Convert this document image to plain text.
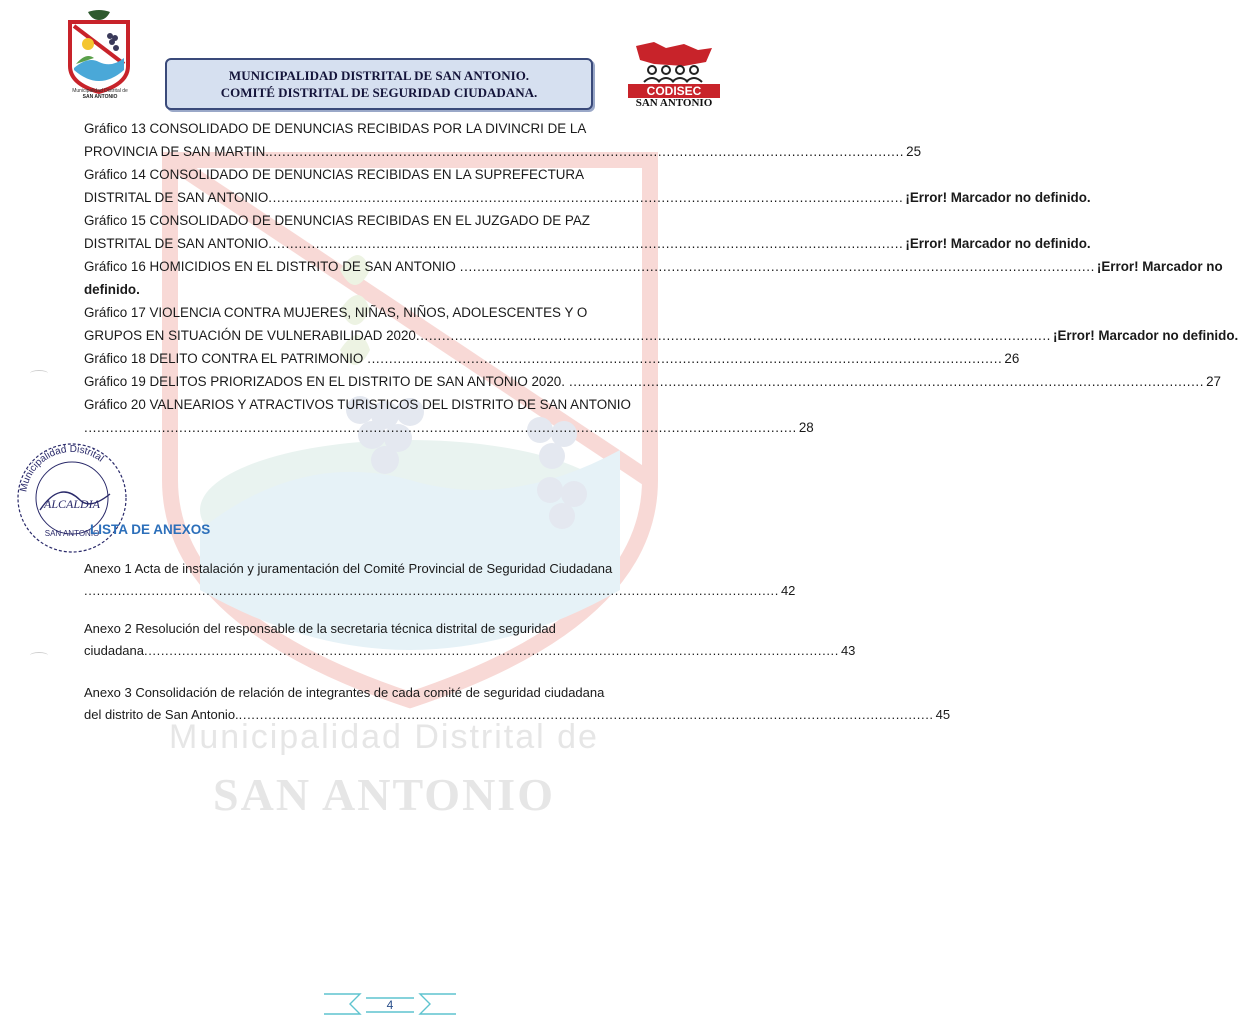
Municipalidad Distrital de
SAN ANTONIO
Municipalidad Distrital de
SAN ANTONIO
MUNICIPALIDAD DISTRITAL DE SAN ANTONIO.
COMITÉ DISTRITAL DE SEGURIDAD CIUDADANA.	CODISEC
SAN ANTONIO
Gráfico 13 CONSOLIDADO DE DENUNCIAS RECIBIDAS POR LA DIVINCRI DE LA
PROVINCIA DE SAN MARTIN. ................................................................................................................................................... 25
Gráfico 14 CONSOLIDADO DE DENUNCIAS RECIBIDAS EN LA SUPREFECTURA
DISTRITAL DE SAN ANTONIO ................................................................................................................................................... ¡Error! Marcador no definido.
Gráfico 15 CONSOLIDADO DE DENUNCIAS RECIBIDAS EN EL JUZGADO DE PAZ
DISTRITAL DE SAN ANTONIO ................................................................................................................................................... ¡Error! Marcador no definido.
Gráfico 16 HOMICIDIOS EN EL DISTRITO DE SAN ANTONIO ................................................................................................................................................... ¡Error! Marcador no
definido.
Gráfico 17 VIOLENCIA CONTRA MUJERES, NIÑAS, NIÑOS, ADOLESCENTES Y O
GRUPOS EN SITUACIÓN DE VULNERABILIDAD 2020 ................................................................................................................................................... ¡Error! Marcador no definido.
Gráfico 18 DELITO CONTRA EL PATRIMONIO ................................................................................................................................................... 26
Gráfico 19 DELITOS PRIORIZADOS EN EL DISTRITO DE SAN ANTONIO 2020. ................................................................................................................................................... 27
Gráfico 20 VALNEARIOS Y ATRACTIVOS TURISTICOS DEL DISTRITO DE SAN ANTONIO
..................................................................................................................................................................... 28
Municipalidad Distrital
ALCALDIA
SAN ANTONIO
LISTA DE ANEXOS
Anexo 1 Acta de instalación y juramentación del Comité Provincial de Seguridad Ciudadana
..................................................................................................................................................................... 42
Anexo 2 Resolución del responsable de la secretaria técnica distrital de seguridad
ciudadana ..................................................................................................................................................................... 43
Anexo 3 Consolidación de relación de integrantes de cada comité de seguridad ciudadana
del distrito de San Antonio. ..................................................................................................................................................................... 45
4
